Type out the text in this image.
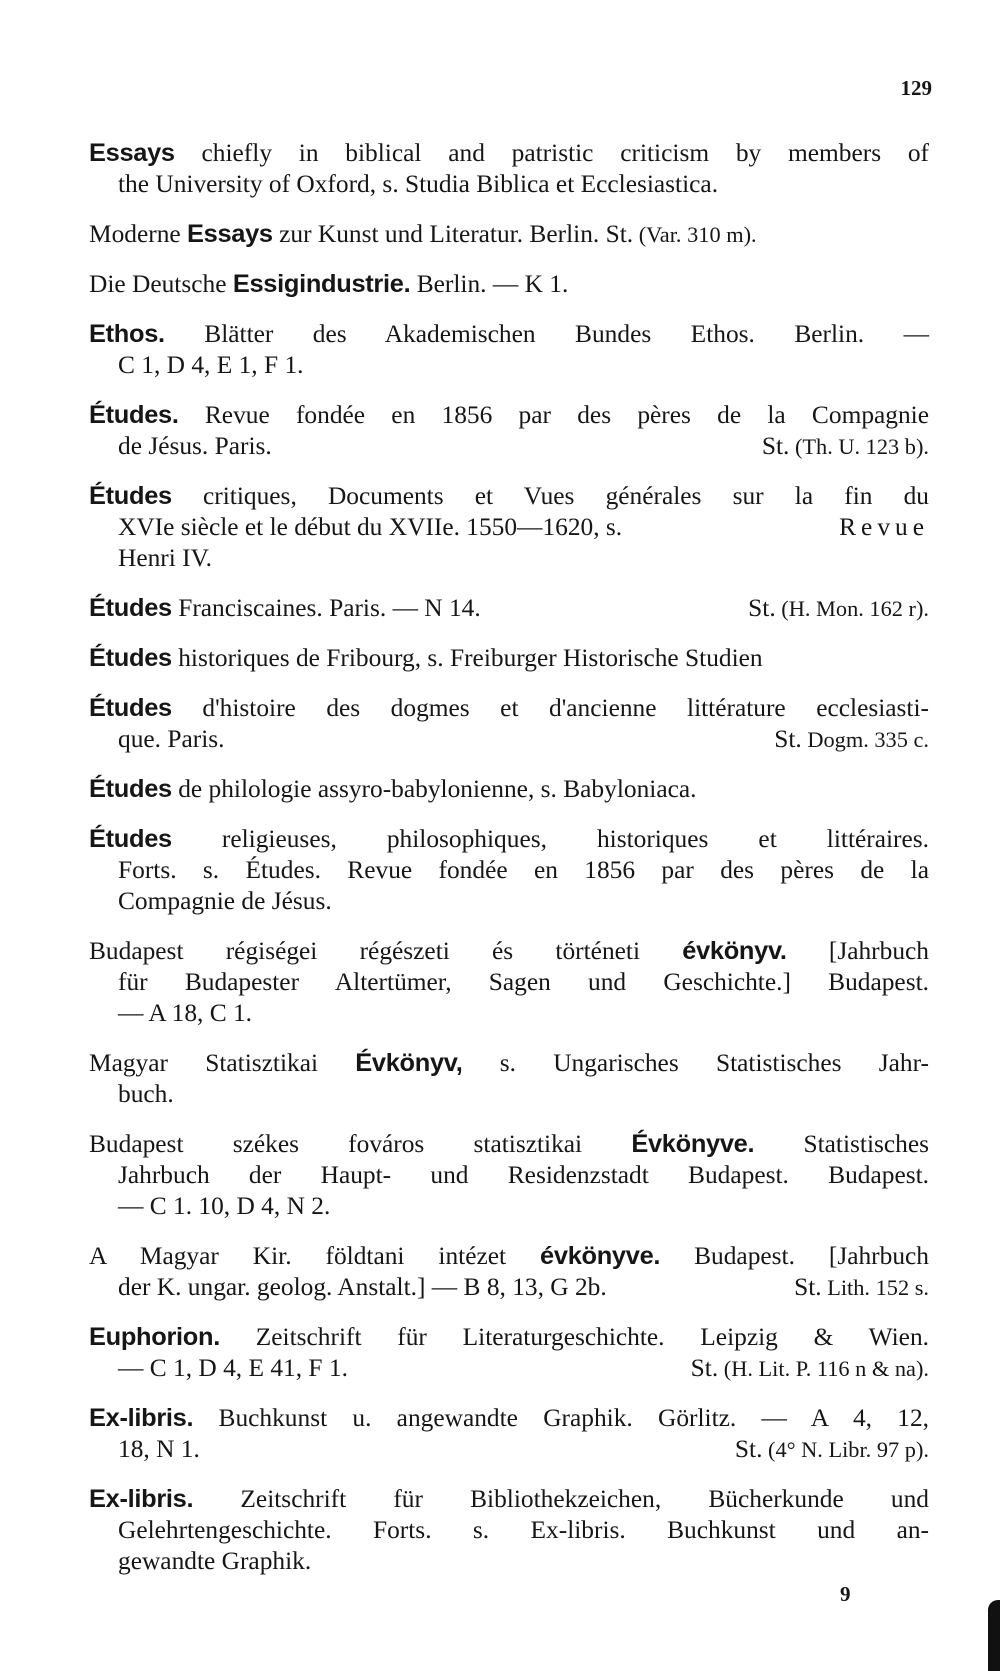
129
Essays chiefly in biblical and patristic criticism by members of
the University of Oxford, s. Studia Biblica et Ecclesiastica.
Moderne Essays zur Kunst und Literatur. Berlin. St. (Var. 310 m).
Die Deutsche Essigindustrie. Berlin. — K 1.
Ethos. Blätter des Akademischen Bundes Ethos. Berlin. —
C 1, D 4, E 1, F 1.
Études. Revue fondée en 1856 par des pères de la Compagnie
de Jésus. Paris.	St. (Th. U. 123 b).
Études critiques, Documents et Vues générales sur la fin du
XVIe siècle et le début du XVIIe. 1550—1620, s.	Revue
Henri IV.
Études Franciscaines. Paris. — N 14.	St. (H. Mon. 162 r).
Études historiques de Fribourg, s. Freiburger Historische Studien
Études d'histoire des dogmes et d'ancienne littérature ecclesiasti-
que. Paris.	St. Dogm. 335 c.
Études de philologie assyro-babylonienne, s. Babyloniaca.
Études religieuses, philosophiques, historiques et littéraires.
Forts. s. Études. Revue fondée en 1856 par des pères de la
Compagnie de Jésus.
Budapest régiségei régészeti és történeti évkönyv. [Jahrbuch
für Budapester Altertümer, Sagen und Geschichte.] Budapest.
— A 18, C 1.
Magyar Statisztikai Évkönyv, s. Ungarisches Statistisches Jahr-
buch.
Budapest székes fováros statisztikai Évkönyve. Statistisches
Jahrbuch der Haupt- und Residenzstadt Budapest. Budapest.
— C 1. 10, D 4, N 2.
A Magyar Kir. földtani intézet évkönyve. Budapest. [Jahrbuch
der K. ungar. geolog. Anstalt.] — B 8, 13, G 2b.	St. Lith. 152 s.
Euphorion. Zeitschrift für Literaturgeschichte. Leipzig & Wien.
— C 1, D 4, E 41, F 1.	St. (H. Lit. P. 116 n & na).
Ex-libris. Buchkunst u. angewandte Graphik. Görlitz. — A 4, 12,
18, N 1.	St. (4° N. Libr. 97 p).
Ex-libris. Zeitschrift für Bibliothekzeichen, Bücherkunde und
Gelehrtengeschichte. Forts. s. Ex-libris. Buchkunst und an-
gewandte Graphik.
9
